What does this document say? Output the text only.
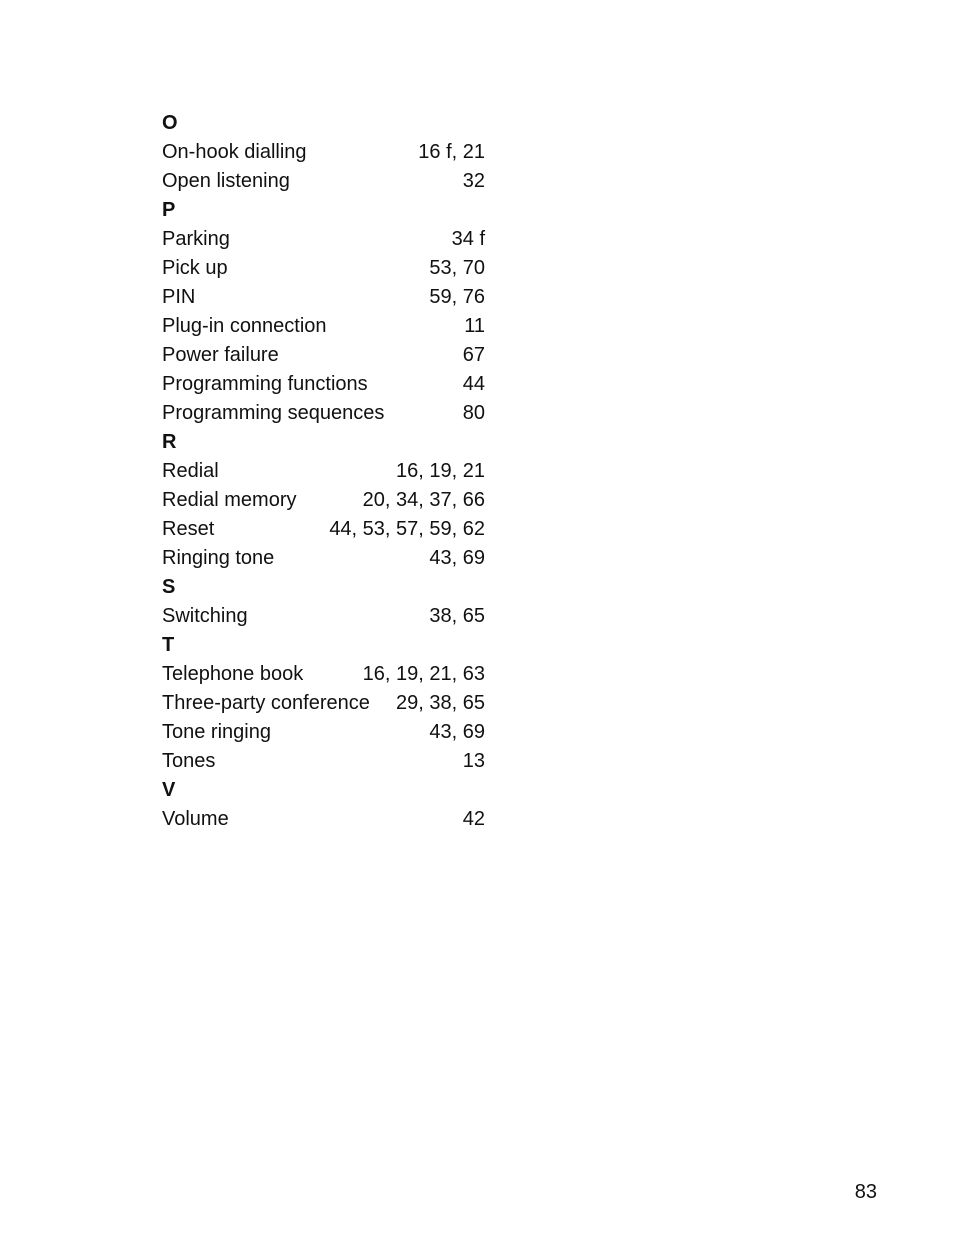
O
On-hook dialling	16 f, 21
Open listening	32
P
Parking	34 f
Pick up	53, 70
PIN	59, 76
Plug-in connection	11
Power failure	67
Programming functions	44
Programming sequences	80
R
Redial	16, 19, 21
Redial memory	20, 34, 37, 66
Reset	44, 53, 57, 59, 62
Ringing tone	43, 69
S
Switching	38, 65
T
Telephone book	16, 19, 21, 63
Three-party conference	29, 38, 65
Tone ringing	43, 69
Tones	13
V
Volume	42
83
